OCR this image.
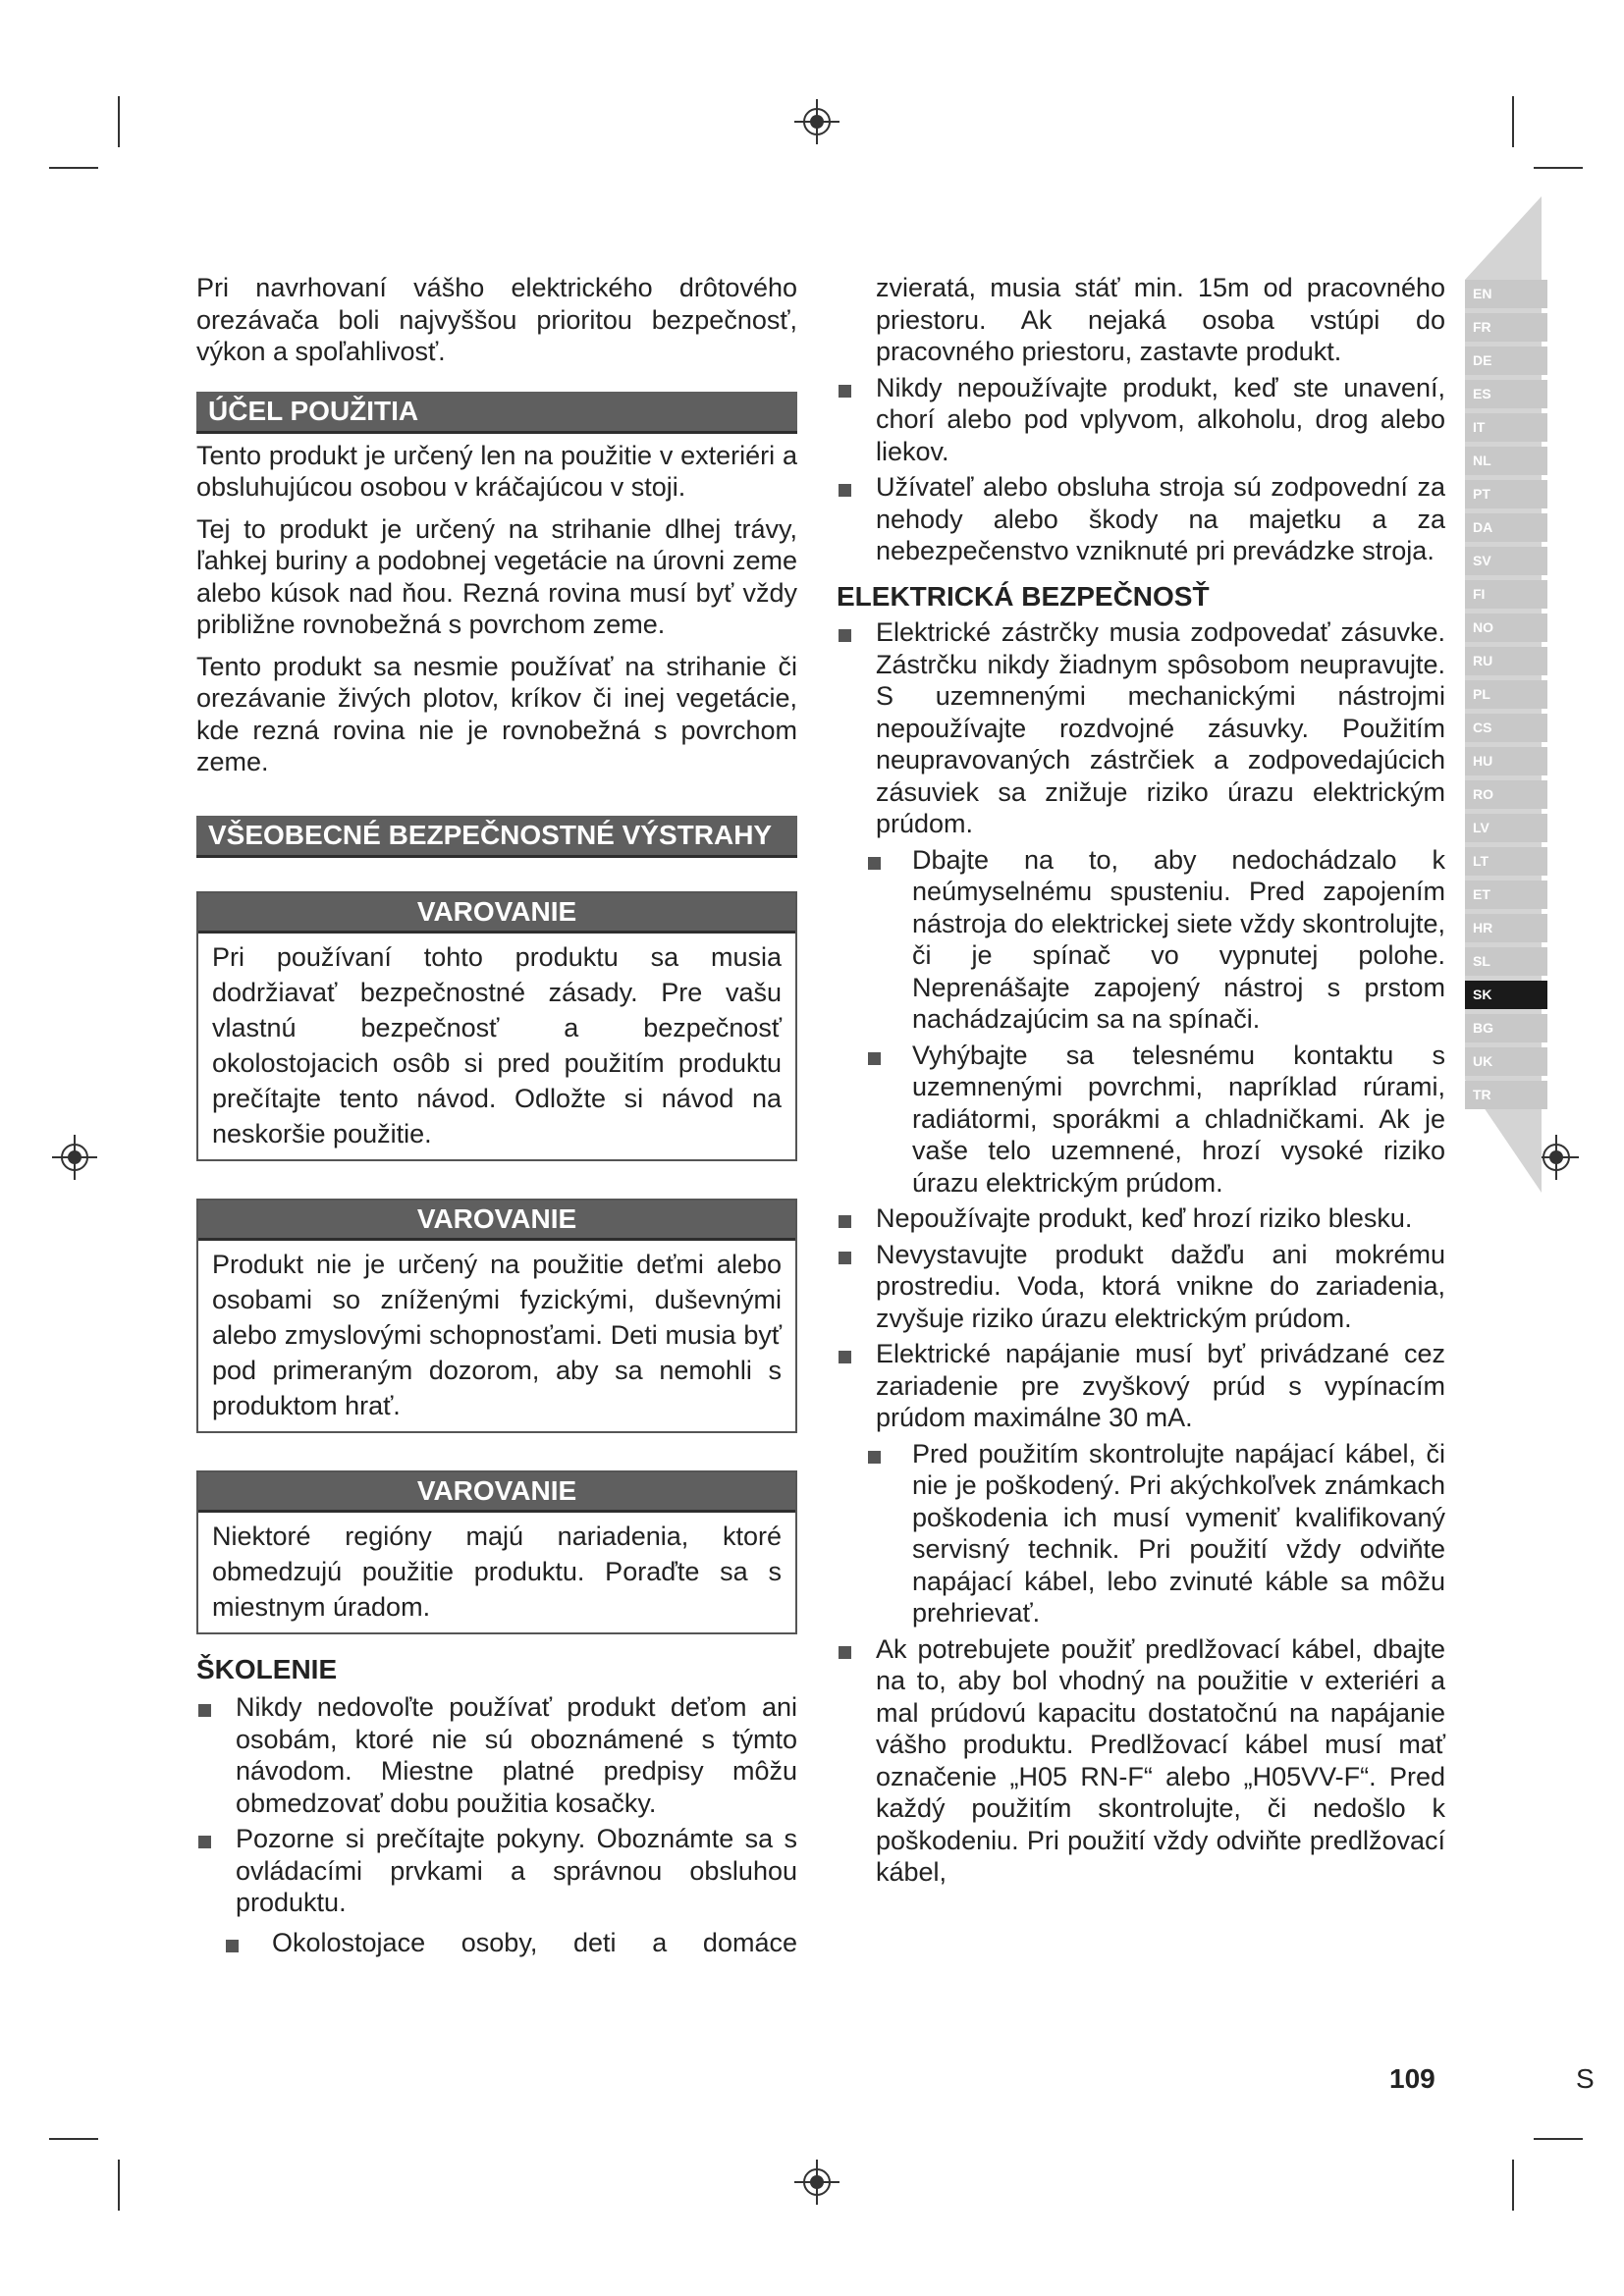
Pri navrhovaní vášho elektrického drôtového orezávača boli najvyššou prioritou bezpečnosť, výkon a spoľahlivosť.

ÚČEL POUŽITIA

Tento produkt je určený len na použitie v exteriéri a obsluhujúcou osobou v kráčajúcou v stoji.

Tej to produkt je určený na strihanie dlhej trávy, ľahkej buriny a podobnej vegetácie na úrovni zeme alebo kúsok nad ňou. Rezná rovina musí byť vždy približne rovnobežná s povrchom zeme.

Tento produkt sa nesmie používať na strihanie či orezávanie živých plotov, kríkov či inej vegetácie, kde rezná rovina nie je rovnobežná s povrchom zeme.

VŠEOBECNÉ BEZPEČNOSTNÉ VÝSTRAHY
VAROVANIE
Pri používaní tohto produktu sa musia dodržiavať bezpečnostné zásady. Pre vašu vlastnú bezpečnosť a bezpečnosť okolostojacich osôb si pred použitím produktu prečítajte tento návod. Odložte si návod na neskoršie použitie.
VAROVANIE
Produkt nie je určený na použitie deťmi alebo osobami so zníženými fyzickými, duševnými alebo zmyslovými schopnosťami. Deti musia byť pod primeraným dozorom, aby sa nemohli s produktom hrať.
VAROVANIE
Niektoré regióny majú nariadenia, ktoré obmedzujú použitie produktu. Poraďte sa s miestnym úradom.
ŠKOLENIE
Nikdy nedovoľte používať produkt deťom ani osobám, ktoré nie sú oboznámené s týmto návodom. Miestne platné predpisy môžu obmedzovať dobu použitia kosačky.
Pozorne si prečítajte pokyny. Oboznámte sa s ovládacími prvkami a správnou obsluhou produktu.
Okolostojace osoby, deti a domáce

zvieratá, musia stáť min. 15m od pracovného priestoru. Ak nejaká osoba vstúpi do pracovného priestoru, zastavte produkt.

Nikdy nepoužívajte produkt, keď ste unavení, chorí alebo pod vplyvom, alkoholu, drog alebo liekov.
Užívateľ alebo obsluha stroja sú zodpovední za nehody alebo škody na majetku a za nebezpečenstvo vzniknuté pri prevádzke stroja.
ELEKTRICKÁ BEZPEČNOSŤ
Elektrické zástrčky musia zodpovedať zásuvke. Zástrčku nikdy žiadnym spôsobom neupravujte. S uzemnenými mechanickými nástrojmi nepoužívajte rozdvojné zásuvky. Použitím neupravovaných zástrčiek a zodpovedajúcich zásuviek sa znižuje riziko úrazu elektrickým prúdom.
Dbajte na to, aby nedochádzalo k neúmyselnému spusteniu. Pred zapojením nástroja do elektrickej siete vždy skontrolujte, či je spínač vo vypnutej polohe. Neprenášajte zapojený nástroj s prstom nachádzajúcim sa na spínači.
Vyhýbajte sa telesnému kontaktu s uzemnenými povrchmi, napríklad rúrami, radiátormi, sporákmi a chladničkami. Ak je vaše telo uzemnené, hrozí vysoké riziko úrazu elektrickým prúdom.
Nepoužívajte produkt, keď hrozí riziko blesku.
Nevystavujte produkt dažďu ani mokrému prostrediu. Voda, ktorá vnikne do zariadenia, zvyšuje riziko úrazu elektrickým prúdom.
Elektrické napájanie musí byť privádzané cez zariadenie pre zvyškový prúd s vypínacím prúdom maximálne 30 mA.
Pred použitím skontrolujte napájací kábel, či nie je poškodený. Pri akýchkoľvek známkach poškodenia ich musí vymeniť kvalifikovaný servisný technik. Pri použití vždy odviňte napájací kábel, lebo zvinuté káble sa môžu prehrievať.
Ak potrebujete použiť predlžovací kábel, dbajte na to, aby bol vhodný na použitie v exteriéri a mal prúdovú kapacitu dostatočnú na napájanie vášho produktu. Predlžovací kábel musí mať označenie „H05 RN-F“ alebo „H05VV-F“. Pred každý použitím skontrolujte, či nedošlo k poškodeniu. Pri použití vždy odviňte predlžovací kábel,
EN
FR
DE
ES
IT
NL
PT
DA
SV
FI
NO
RU
PL
CS
HU
RO
LV
LT
ET
HR
SL
SK
BG
UK
TR
109	S
